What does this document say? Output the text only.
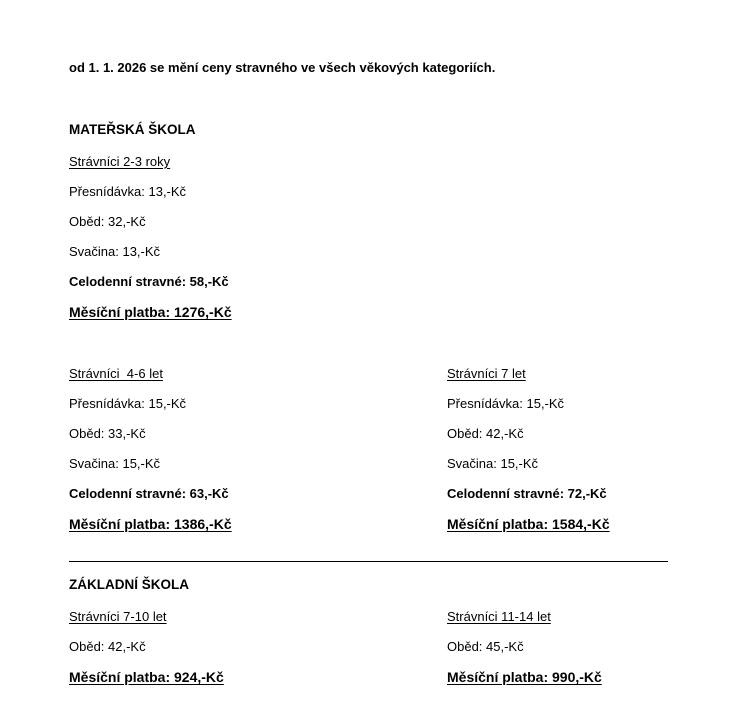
od 1. 1. 2026 se mění ceny stravného ve všech věkových kategoriích.
MATEŘSKÁ ŠKOLA
Strávníci 2-3 roky
Přesnídávka: 13,-Kč
Oběd: 32,-Kč
Svačina: 13,-Kč
Celodenní stravné: 58,-Kč
Měsíční platba: 1276,-Kč
Strávníci  4-6 let
Přesnídávka: 15,-Kč
Oběd: 33,-Kč
Svačina: 15,-Kč
Celodenní stravné: 63,-Kč
Měsíční platba: 1386,-Kč
Strávníci 7 let
Přesnídávka: 15,-Kč
Oběd: 42,-Kč
Svačina: 15,-Kč
Celodenní stravné: 72,-Kč
Měsíční platba: 1584,-Kč
ZÁKLADNÍ ŠKOLA
Strávníci 7-10 let
Oběd: 42,-Kč
Měsíční platba: 924,-Kč
Strávníci 11-14 let
Oběd: 45,-Kč
Měsíční platba: 990,-Kč
